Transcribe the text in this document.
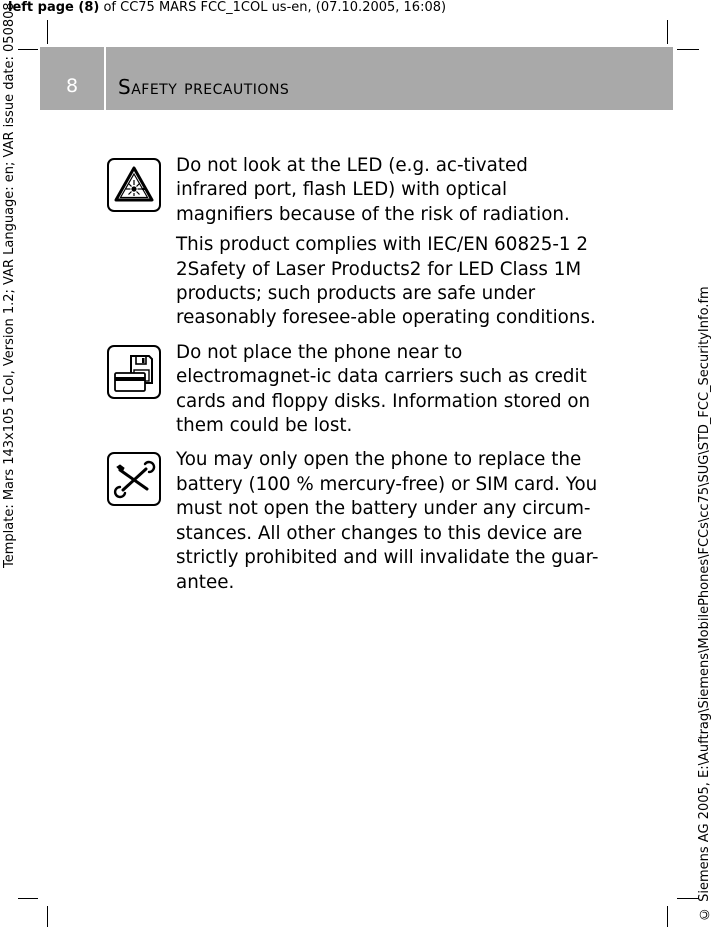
left page (8) of CC75 MARS FCC_1COL us-en, (07.10.2005, 16:08)
Template: Mars 143x105 1Col, Version 1.2; VAR Language: en; VAR issue date: 050808
© Siemens AG 2005, E:\Auftrag\Siemens\MobilePhones\FCCs\cc75\SUG\STD_FCC_SecurityInfo.fm
8	Safety precautions

Do not look at the LED (e.g. ac-tivated infrared port, flash LED) with optical magnifiers because of the risk of radiation.

This product complies with IEC/EN 60825-1 2 2Safety of Laser Products2 for LED Class 1M products; such products are safe under reasonably foresee-able operating conditions.

Do not place the phone near to electromagnet-ic data carriers such as credit cards and floppy disks. Information stored on them could be lost.

You may only open the phone to replace the battery (100 % mercury-free) or SIM card. You must not open the battery under any circum-stances. All other changes to this device are strictly prohibited and will invalidate the guar-antee.
